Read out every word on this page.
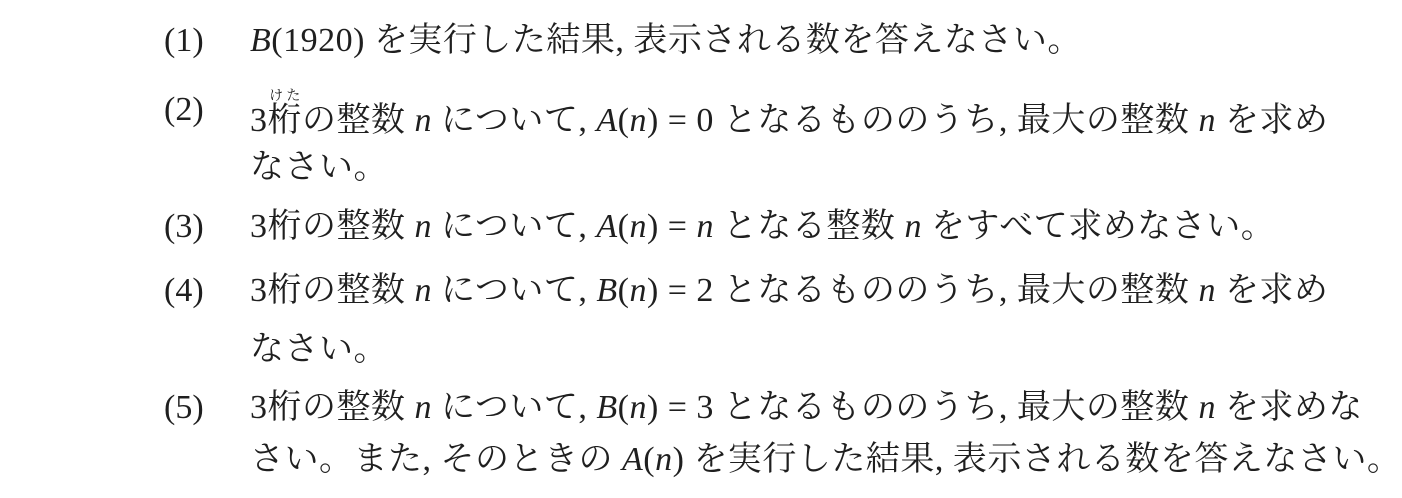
(1) B(1920) を実行した結果, 表示される数を答えなさい。
(2) 3桁けたの整数 n について, A(n) = 0 となるもののうち, 最大の整数 n を求め
なさい。
(3) 3桁の整数 n について, A(n) = n となる整数 n をすべて求めなさい。
(4) 3桁の整数 n について, B(n) = 2 となるもののうち, 最大の整数 n を求め
なさい。
(5) 3桁の整数 n について, B(n) = 3 となるもののうち, 最大の整数 n を求めな
さい。また, そのときの A(n) を実行した結果, 表示される数を答えなさい。
